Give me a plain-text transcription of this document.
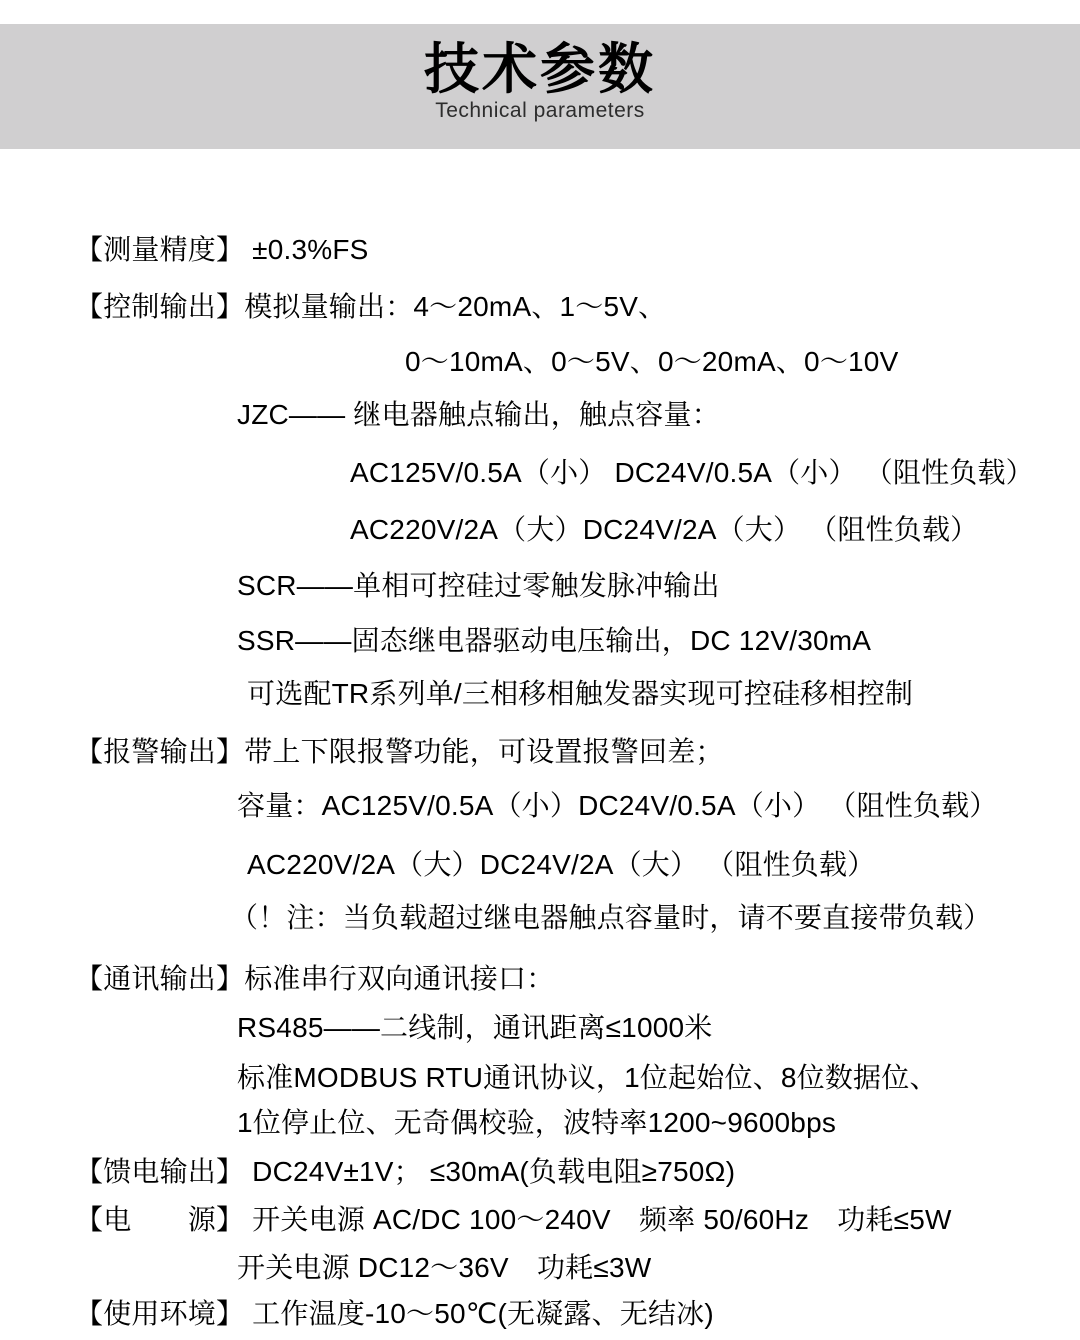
技术参数
Technical parameters
【测量精度】 ±0.3%FS
【控制输出】模拟量输出：4～20mA、1～5V、
0～10mA、0～5V、0～20mA、0～10V
JZC—— 继电器触点输出，触点容量：
AC125V/0.5A（小） DC24V/0.5A（小） （阻性负载）
AC220V/2A（大）DC24V/2A（大） （阻性负载）
SCR——单相可控硅过零触发脉冲输出
SSR——固态继电器驱动电压输出，DC 12V/30mA
可选配TR系列单/三相移相触发器实现可控硅移相控制
【报警输出】带上下限报警功能，可设置报警回差；
容量：AC125V/0.5A（小）DC24V/0.5A（小） （阻性负载）
AC220V/2A（大）DC24V/2A（大） （阻性负载）
（！注：当负载超过继电器触点容量时，请不要直接带负载）
【通讯输出】标准串行双向通讯接口：
RS485——二线制，通讯距离≤1000米
标准MODBUS RTU通讯协议，1位起始位、8位数据位、
1位停止位、无奇偶校验，波特率1200~9600bps
【馈电输出】 DC24V±1V； ≤30mA(负载电阻≥750Ω)
【电　　源】 开关电源 AC/DC 100～240V　频率 50/60Hz　功耗≤5W
开关电源 DC12～36V　功耗≤3W
【使用环境】 工作温度-10～50℃(无凝露、无结冰)
